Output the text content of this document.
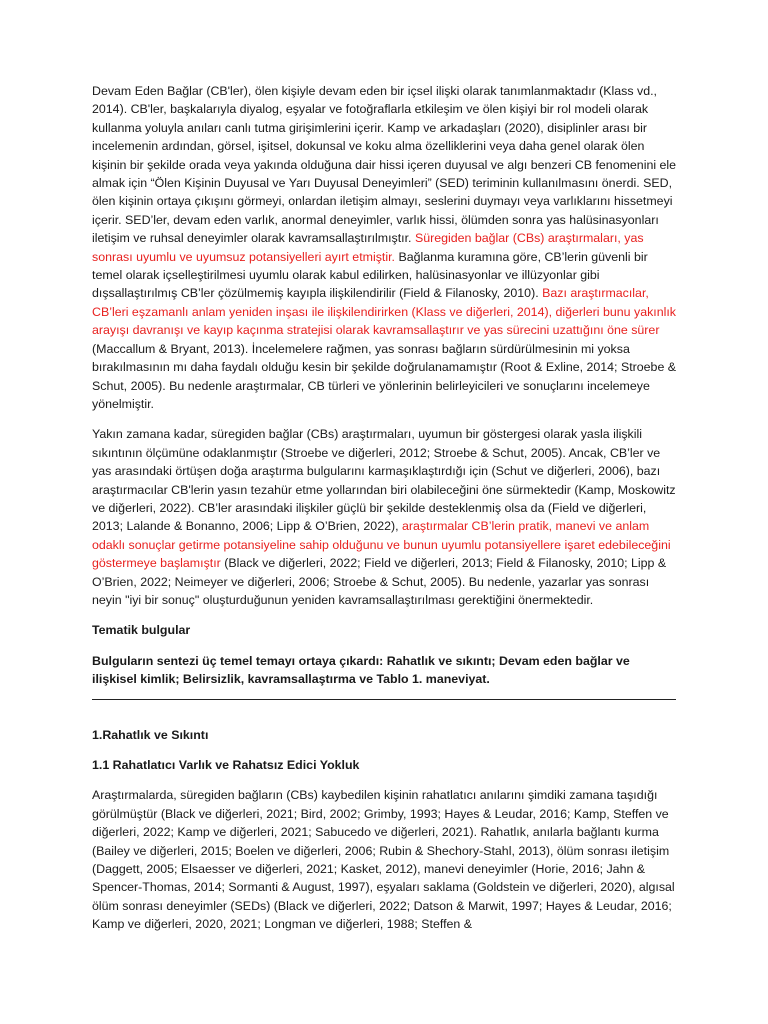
Devam Eden Bağlar (CB'ler), ölen kişiyle devam eden bir içsel ilişki olarak tanımlanmaktadır (Klass vd., 2014). CB'ler, başkalarıyla diyalog, eşyalar ve fotoğraflarla etkileşim ve ölen kişiyi bir rol modeli olarak kullanma yoluyla anıları canlı tutma girişimlerini içerir. Kamp ve arkadaşları (2020), disiplinler arası bir incelemenin ardından, görsel, işitsel, dokunsal ve koku alma özelliklerini veya daha genel olarak ölen kişinin bir şekilde orada veya yakında olduğuna dair hissi içeren duyusal ve algı benzeri CB fenomenini ele almak için “Ölen Kişinin Duyusal ve Yarı Duyusal Deneyimleri” (SED) teriminin kullanılmasını önerdi. SED, ölen kişinin ortaya çıkışını görmeyi, onlardan iletişim almayı, seslerini duymayı veya varlıklarını hissetmeyi içerir. SED’ler, devam eden varlık, anormal deneyimler, varlık hissi, ölümden sonra yas halüsinasyonları iletişim ve ruhsal deneyimler olarak kavramsallaştırılmıştır. Süregiden bağlar (CBs) araştırmaları, yas sonrası uyumlu ve uyumsuz potansiyelleri ayırt etmiştir. Bağlanma kuramına göre, CB’lerin güvenli bir temel olarak içselleştirilmesi uyumlu olarak kabul edilirken, halüsinasyonlar ve illüzyonlar gibi dışsallaştırılmış CB’ler çözülmemiş kayıpla ilişkilendirilir (Field & Filanosky, 2010). Bazı araştırmacılar, CB’leri eşzamanlı anlam yeniden inşası ile ilişkilendirirken (Klass ve diğerleri, 2014), diğerleri bunu yakınlık arayışı davranışı ve kayıp kaçınma stratejisi olarak kavramsallaştırır ve yas sürecini uzattığını öne sürer (Maccallum & Bryant, 2013). İncelemelere rağmen, yas sonrası bağların sürdürülmesinin mi yoksa bırakılmasının mı daha faydalı olduğu kesin bir şekilde doğrulanamamıştır (Root & Exline, 2014; Stroebe & Schut, 2005). Bu nedenle araştırmalar, CB türleri ve yönlerinin belirleyicileri ve sonuçlarını incelemeye yönelmiştir.

Yakın zamana kadar, süregiden bağlar (CBs) araştırmaları, uyumun bir göstergesi olarak yasla ilişkili sıkıntının ölçümüne odaklanmıştır (Stroebe ve diğerleri, 2012; Stroebe & Schut, 2005). Ancak, CB’ler ve yas arasındaki örtüşen doğa araştırma bulgularını karmaşıklaştırdığı için (Schut ve diğerleri, 2006), bazı araştırmacılar CB'lerin yasın tezahür etme yollarından biri olabileceğini öne sürmektedir (Kamp, Moskowitz ve diğerleri, 2022). CB’ler arasındaki ilişkiler güçlü bir şekilde desteklenmiş olsa da (Field ve diğerleri, 2013; Lalande & Bonanno, 2006; Lipp & O’Brien, 2022), araştırmalar CB’lerin pratik, manevi ve anlam odaklı sonuçlar getirme potansiyeline sahip olduğunu ve bunun uyumlu potansiyellere işaret edebileceğini göstermeye başlamıştır (Black ve diğerleri, 2022; Field ve diğerleri, 2013; Field & Filanosky, 2010; Lipp & O’Brien, 2022; Neimeyer ve diğerleri, 2006; Stroebe & Schut, 2005). Bu nedenle, yazarlar yas sonrası neyin "iyi bir sonuç" oluşturduğunun yeniden kavramsallaştırılması gerektiğini önermektedir.

Tematik bulgular

Bulguların sentezi üç temel temayı ortaya çıkardı: Rahatlık ve sıkıntı; Devam eden bağlar ve ilişkisel kimlik; Belirsizlik, kavramsallaştırma ve Tablo 1. maneviyat.

1.Rahatlık ve Sıkıntı

1.1 Rahatlatıcı Varlık ve Rahatsız Edici Yokluk

Araştırmalarda, süregiden bağların (CBs) kaybedilen kişinin rahatlatıcı anılarını şimdiki zamana taşıdığı görülmüştür (Black ve diğerleri, 2021; Bird, 2002; Grimby, 1993; Hayes & Leudar, 2016; Kamp, Steffen ve diğerleri, 2022; Kamp ve diğerleri, 2021; Sabucedo ve diğerleri, 2021). Rahatlık, anılarla bağlantı kurma (Bailey ve diğerleri, 2015; Boelen ve diğerleri, 2006; Rubin & Shechory-Stahl, 2013), ölüm sonrası iletişim (Daggett, 2005; Elsaesser ve diğerleri, 2021; Kasket, 2012), manevi deneyimler (Horie, 2016; Jahn & Spencer-Thomas, 2014; Sormanti & August, 1997), eşyaları saklama (Goldstein ve diğerleri, 2020), algısal ölüm sonrası deneyimler (SEDs) (Black ve diğerleri, 2022; Datson & Marwit, 1997; Hayes & Leudar, 2016; Kamp ve diğerleri, 2020, 2021; Longman ve diğerleri, 1988; Steffen &
